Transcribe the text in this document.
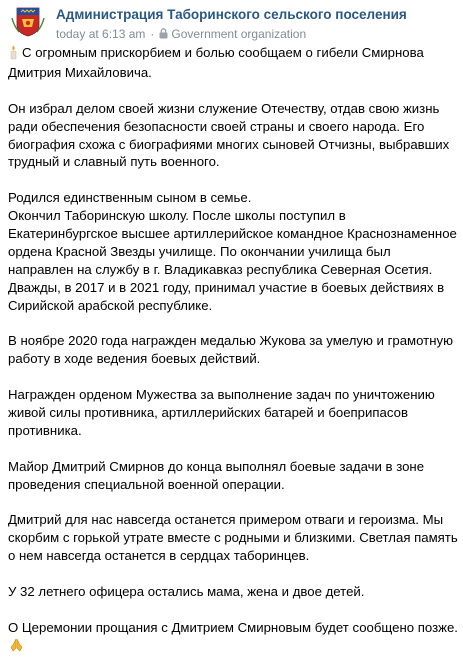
Администрация Таборинского сельского поселения
today at 6:13 am · Government organization
С огромным прискорбием и болью сообщаем о гибели Смирнова Дмитрия Михайловича.
Он избрал делом своей жизни служение Отечеству, отдав свою жизнь ради обеспечения безопасности своей страны и своего народа. Его биография схожа с биографиями многих сыновей Отчизны, выбравших трудный и славный путь военного.
Родился единственным сыном в семье.
Окончил Таборинскую школу. После школы поступил в Екатеринбургское высшее артиллерийское командное Краснознаменное ордена Красной Звезды училище. По окончании училища был направлен на службу в г. Владикавказ республика Северная Осетия. Дважды, в 2017 и в 2021 году, принимал участие в боевых действиях в Сирийской арабской республике.
В ноябре 2020 года награжден медалью Жукова за умелую и грамотную работу в ходе ведения боевых действий.
Награжден орденом Мужества за выполнение задач по уничтожению живой силы противника, артиллерийских батарей и боеприпасов противника.
Майор Дмитрий Смирнов до конца выполнял боевые задачи в зоне проведения специальной военной операции.
Дмитрий для нас навсегда останется примером отваги и героизма. Мы скорбим с горькой утрате вместе с родными и близкими. Светлая память о нем навсегда останется в сердцах таборинцев.
У 32 летнего офицера остались мама, жена и двое детей.
О Церемонии прощания с Дмитрием Смирновым будет сообщено позже.
